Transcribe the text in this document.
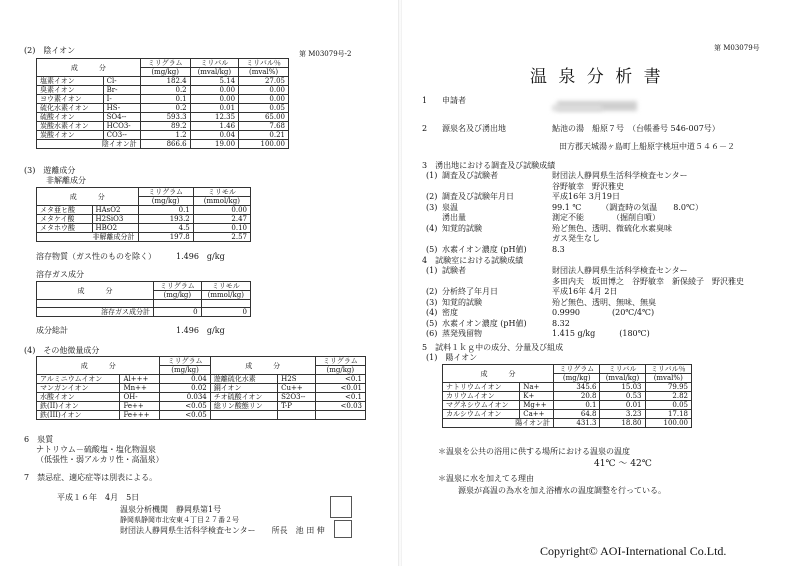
第 M03079号-2
(2)　陰イオン
成　　　分		ミリグラム	ミリバル	ミリバル％
		(mg/kg)	(mval/kg)	(mval%)
塩素イオン	Cl-	182.4	5.14	27.05
臭素イオン	Br-	0.2	0.00	0.00
ヨウ素イオン	I-	0.1	0.00	0.00
硫化水素イオン	HS-	0.2	0.01	0.05
硫酸イオン	SO4--	593.3	12.35	65.00
炭酸水素イオン	HCO3-	89.2	1.46	7.68
炭酸イオン	CO3--	1.2	0.04	0.21
陰イオン計		866.6	19.00	100.00
(3)　遊離成分
非解離成分
成　　　分		ミリグラム	ミリモル
		(mg/kg)	(mmol/kg)
メタ亜ヒ酸	HAsO2	0.1	0.00
メタケイ酸	H2SiO3	193.2	2.47
メタホウ酸	HBO2	4.5	0.10
非解離成分計		197.8	2.57
溶存物質（ガス性のものを除く）	1.496　g/kg
溶存ガス成分
成　　　分	ミリグラム	ミリモル
	(mg/kg)	(mmol/kg)

溶存ガス成分計	0	0
成分総計	1.496　g/kg
(4)　その他微量成分
成　　　分		ミリグラム	成　　　分		ミリグラム
		(mg/kg)			(mg/kg)
アルミニウムイオン	Al+++	0.04	遊離硫化水素	H2S	<0.1
マンガンイオン	Mn++	0.02	銅イオン	Cu++	<0.01
水酸イオン	OH-	0.034	チオ硫酸イオン	S2O3--	<0.1
鉄(II)イオン	Fe++	<0.05	総リン酸態リン	T-P	<0.03
鉄(III)イオン	Fe+++	<0.05			
6　泉質
ナトリウム－硫酸塩・塩化物温泉
（低張性・弱アルカリ性・高温泉）
7　禁忌症、適応症等は別表による。
平成１６年　4月　5日
温泉分析機関　静岡県第1号
静岡県静岡市北安東４丁目２７番２号
財団法人静岡県生活科学検査センター　　所長　池 田 伸
第 M03079号
温 泉 分 析 書
1 申請者
2 源泉名及び湧出地	鮎池の湯　船原７号　（台帳番号 546-007号）
田方郡天城湯ヶ島町上船原字桃垣中道５４６－２
3　湧出地における調査及び試験成績
(1) 調査及び試験者	財団法人静岡県生活科学検査センター
谷野敏幸　野沢雅史
(2) 調査及び試験年月日	平成16年 3月19日
(3) 泉温	99.1 ℃　　　（調査時の気温　　8.0℃）
湧出量	測定不能　　　　（掘削自噴）
(4) 知覚的試験	殆ど無色、透明、微硫化水素臭味
ガス発生なし
(5) 水素イオン濃度 (pH値)	8.3
4　試験室における試験成績
(1) 試験者	財団法人静岡県生活科学検査センター
多田内夫　坂田博之　谷野敏幸　新保綾子　野沢雅史
(2) 分析終了年月日	平成16年 4月 2日
(3) 知覚的試験	殆ど無色、透明、無味、無臭
(4) 密度	0.9990　　　　(20℃/4℃)
(5) 水素イオン濃度 (pH値)	8.32
(6) 蒸発残留物	1.415 g/kg　　　(180℃)
5　試料１ｋｇ中の成分、分量及び組成
(1)　陽イオン
成　　　分		ミリグラム	ミリバル	ミリバル％
		(mg/kg)	(mval/kg)	(mval%)
ナトリウムイオン	Na+	345.6	15.03	79.95
カリウムイオン	K+	20.8	0.53	2.82
マグネシウムイオン	Mg++	0.1	0.01	0.05
カルシウムイオン	Ca++	64.8	3.23	17.18
陽イオン計		431.3	18.80	100.00
＊温泉を公共の浴用に供する場所における温泉の温度
41℃ ～ 42℃
＊温泉に水を加えてる理由
源泉が高温の為水を加え浴槽水の温度調整を行っている。
Copyright© AOI-International Co.Ltd.
